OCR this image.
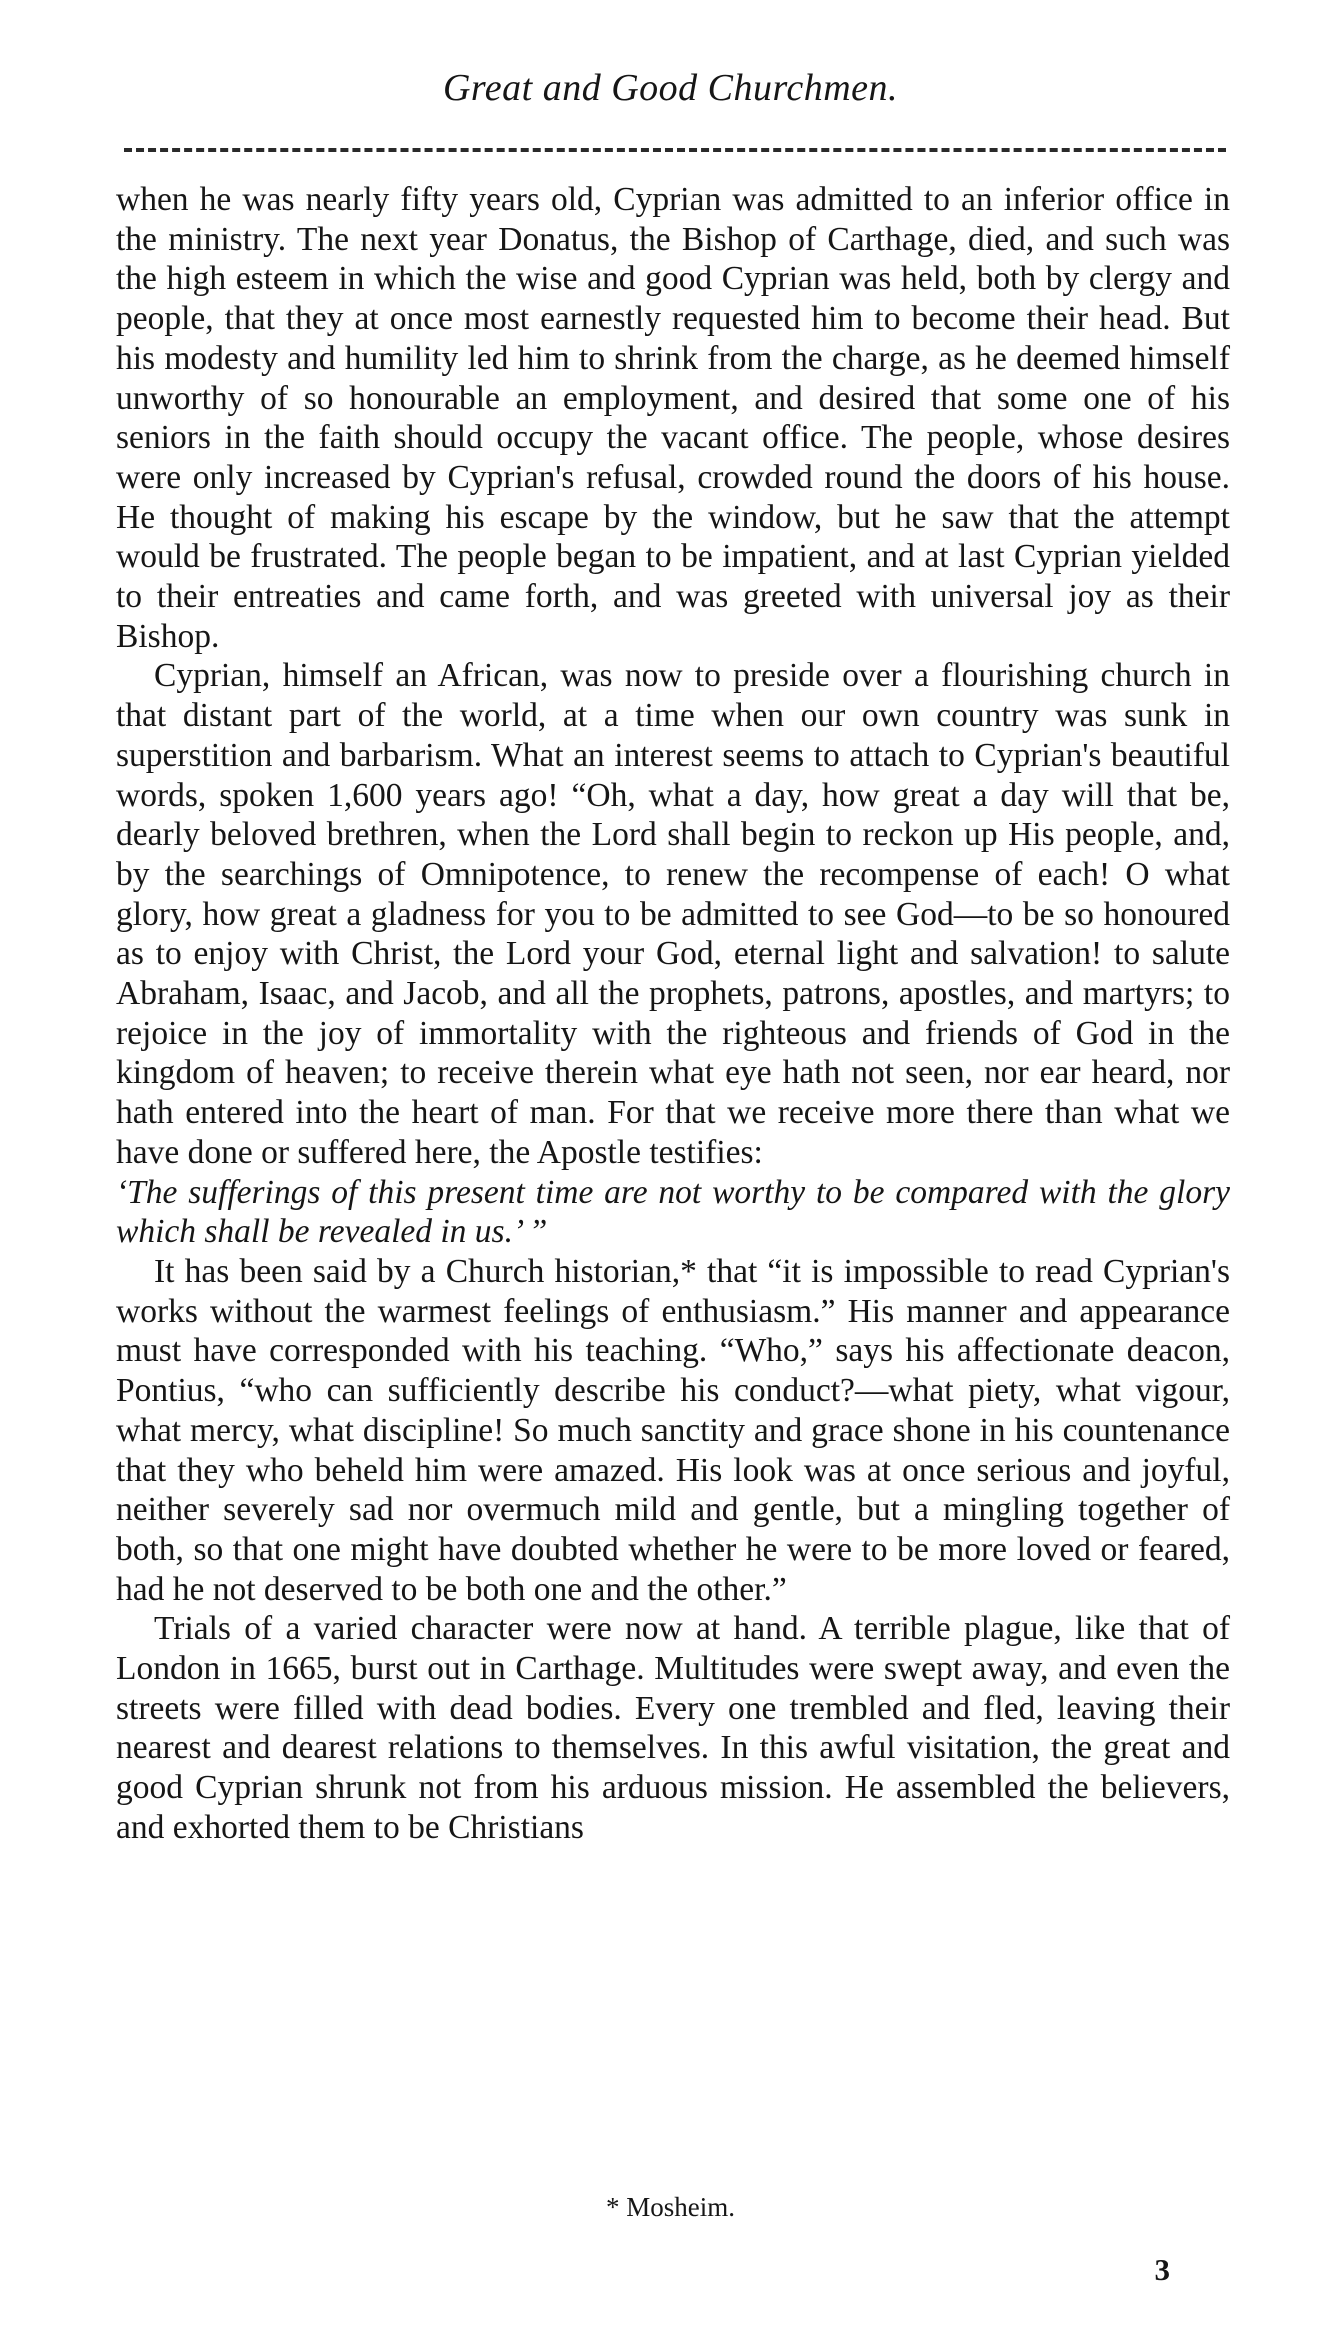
Great and Good Churchmen.

when he was nearly fifty years old, Cyprian was admitted to an inferior office in the ministry. The next year Donatus, the Bishop of Carthage, died, and such was the high esteem in which the wise and good Cyprian was held, both by clergy and people, that they at once most earnestly requested him to become their head. But his modesty and humility led him to shrink from the charge, as he deemed himself unworthy of so honourable an employment, and desired that some one of his seniors in the faith should occupy the vacant office. The people, whose desires were only increased by Cyprian's refusal, crowded round the doors of his house. He thought of making his escape by the window, but he saw that the attempt would be frustrated. The people began to be impatient, and at last Cyprian yielded to their entreaties and came forth, and was greeted with universal joy as their Bishop.

Cyprian, himself an African, was now to preside over a flourishing church in that distant part of the world, at a time when our own country was sunk in superstition and barbarism. What an interest seems to attach to Cyprian's beautiful words, spoken 1,600 years ago! “Oh, what a day, how great a day will that be, dearly beloved brethren, when the Lord shall begin to reckon up His people, and, by the searchings of Omnipotence, to renew the recompense of each! O what glory, how great a gladness for you to be admitted to see God—to be so honoured as to enjoy with Christ, the Lord your God, eternal light and salvation! to salute Abraham, Isaac, and Jacob, and all the prophets, patrons, apostles, and martyrs; to rejoice in the joy of immortality with the righteous and friends of God in the kingdom of heaven; to receive therein what eye hath not seen, nor ear heard, nor hath entered into the heart of man. For that we receive more there than what we have done or suffered here, the Apostle testifies:

‘The sufferings of this present time are not worthy to be compared with the glory which shall be revealed in us.’ ”

It has been said by a Church historian,* that “it is impossible to read Cyprian's works without the warmest feelings of enthusiasm.” His manner and appearance must have corresponded with his teaching. “Who,” says his affectionate deacon, Pontius, “who can sufficiently describe his conduct?—what piety, what vigour, what mercy, what discipline! So much sanctity and grace shone in his countenance that they who beheld him were amazed. His look was at once serious and joyful, neither severely sad nor overmuch mild and gentle, but a mingling together of both, so that one might have doubted whether he were to be more loved or feared, had he not deserved to be both one and the other.”

Trials of a varied character were now at hand. A terrible plague, like that of London in 1665, burst out in Carthage. Multitudes were swept away, and even the streets were filled with dead bodies. Every one trembled and fled, leaving their nearest and dearest relations to themselves. In this awful visitation, the great and good Cyprian shrunk not from his arduous mission. He assembled the believers, and exhorted them to be Christians

* Mosheim.
3
